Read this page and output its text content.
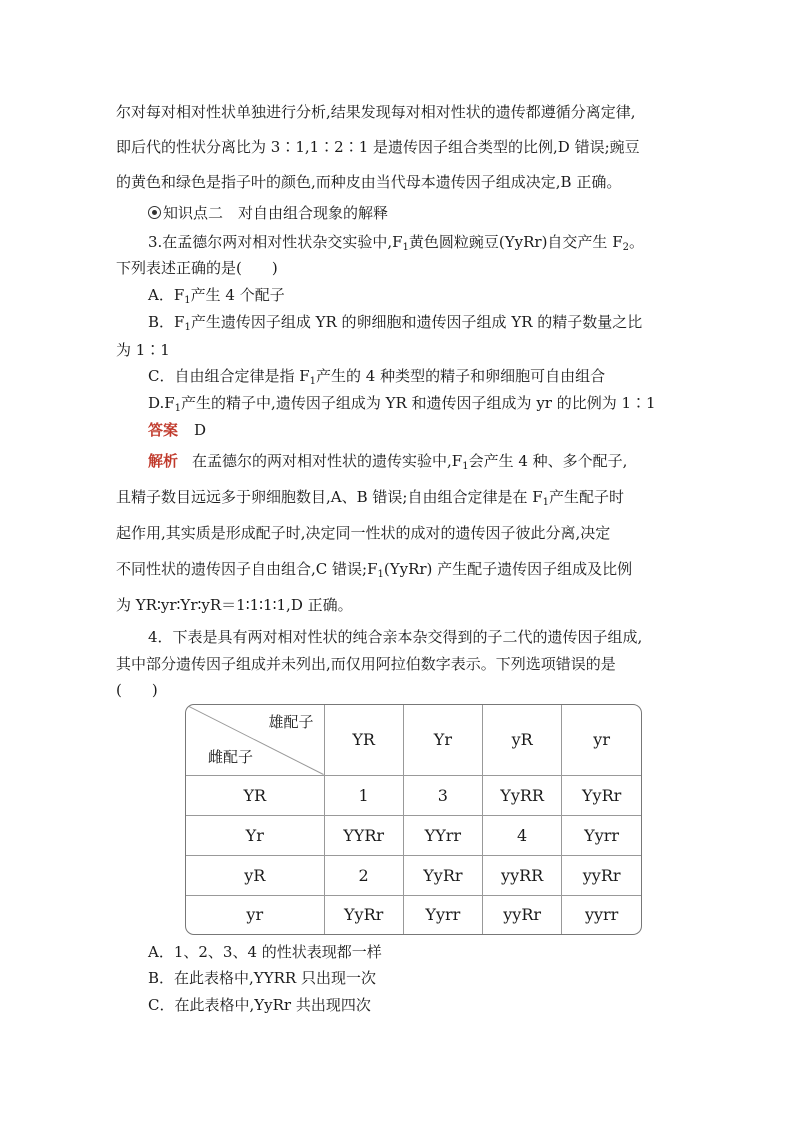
尔对每对相对性状单独进行分析,结果发现每对相对性状的遗传都遵循分离定律,
即后代的性状分离比为 3∶1,1∶2∶1 是遗传因子组合类型的比例,D 错误;豌豆
的黄色和绿色是指子叶的颜色,而种皮由当代母本遗传因子组成决定,B 正确。
知识点二　对自由组合现象的解释
3.在孟德尔两对相对性状杂交实验中$,F_1$黄色圆粒豌豆(YyRr)自交产生 $F_2$。
下列表述正确的是(　　)
A．$F_1$产生 4 个配子
B．$F_1$产生遗传因子组成 YR 的卵细胞和遗传因子组成 YR 的精子数量之比
为 1∶1
C．自由组合定律是指 $F_1$产生的 4 种类型的精子和卵细胞可自由组合
$D.F_1$产生的精子中,遗传因子组成为 YR 和遗传因子组成为 yr 的比例为 1∶1
答案 D
解析 在孟德尔的两对相对性状的遗传实验中$,F_1$会产生 4 种、多个配子,
且精子数目远远多于卵细胞数目,A、B 错误;自由组合定律是在 $F_1$产生配子时
起作用,其实质是形成配子时,决定同一性状的成对的遗传因子彼此分离,决定
不同性状的遗传因子自由组合,C 错误$;F_1(YyRr)$ 产生配子遗传因子组成及比例
为 YR∶yr∶Yr∶yR＝1∶1∶1∶1,D 正确。
4．下表是具有两对相对性状的纯合亲本杂交得到的子二代的遗传因子组成,
其中部分遗传因子组成并未列出,而仅用阿拉伯数字表示。下列选项错误的是
(　　)
雄配子
雌配子	YR	Yr	yR	yr
YR	1	3	YyRR	YyRr
Yr	YYRr	YYrr	4	Yyrr
yR	2	YyRr	yyRR	yyRr
yr	YyRr	Yyrr	yyRr	yyrr
A．1、2、3、4 的性状表现都一样
B．在此表格中,YYRR 只出现一次
C．在此表格中,YyRr 共出现四次
